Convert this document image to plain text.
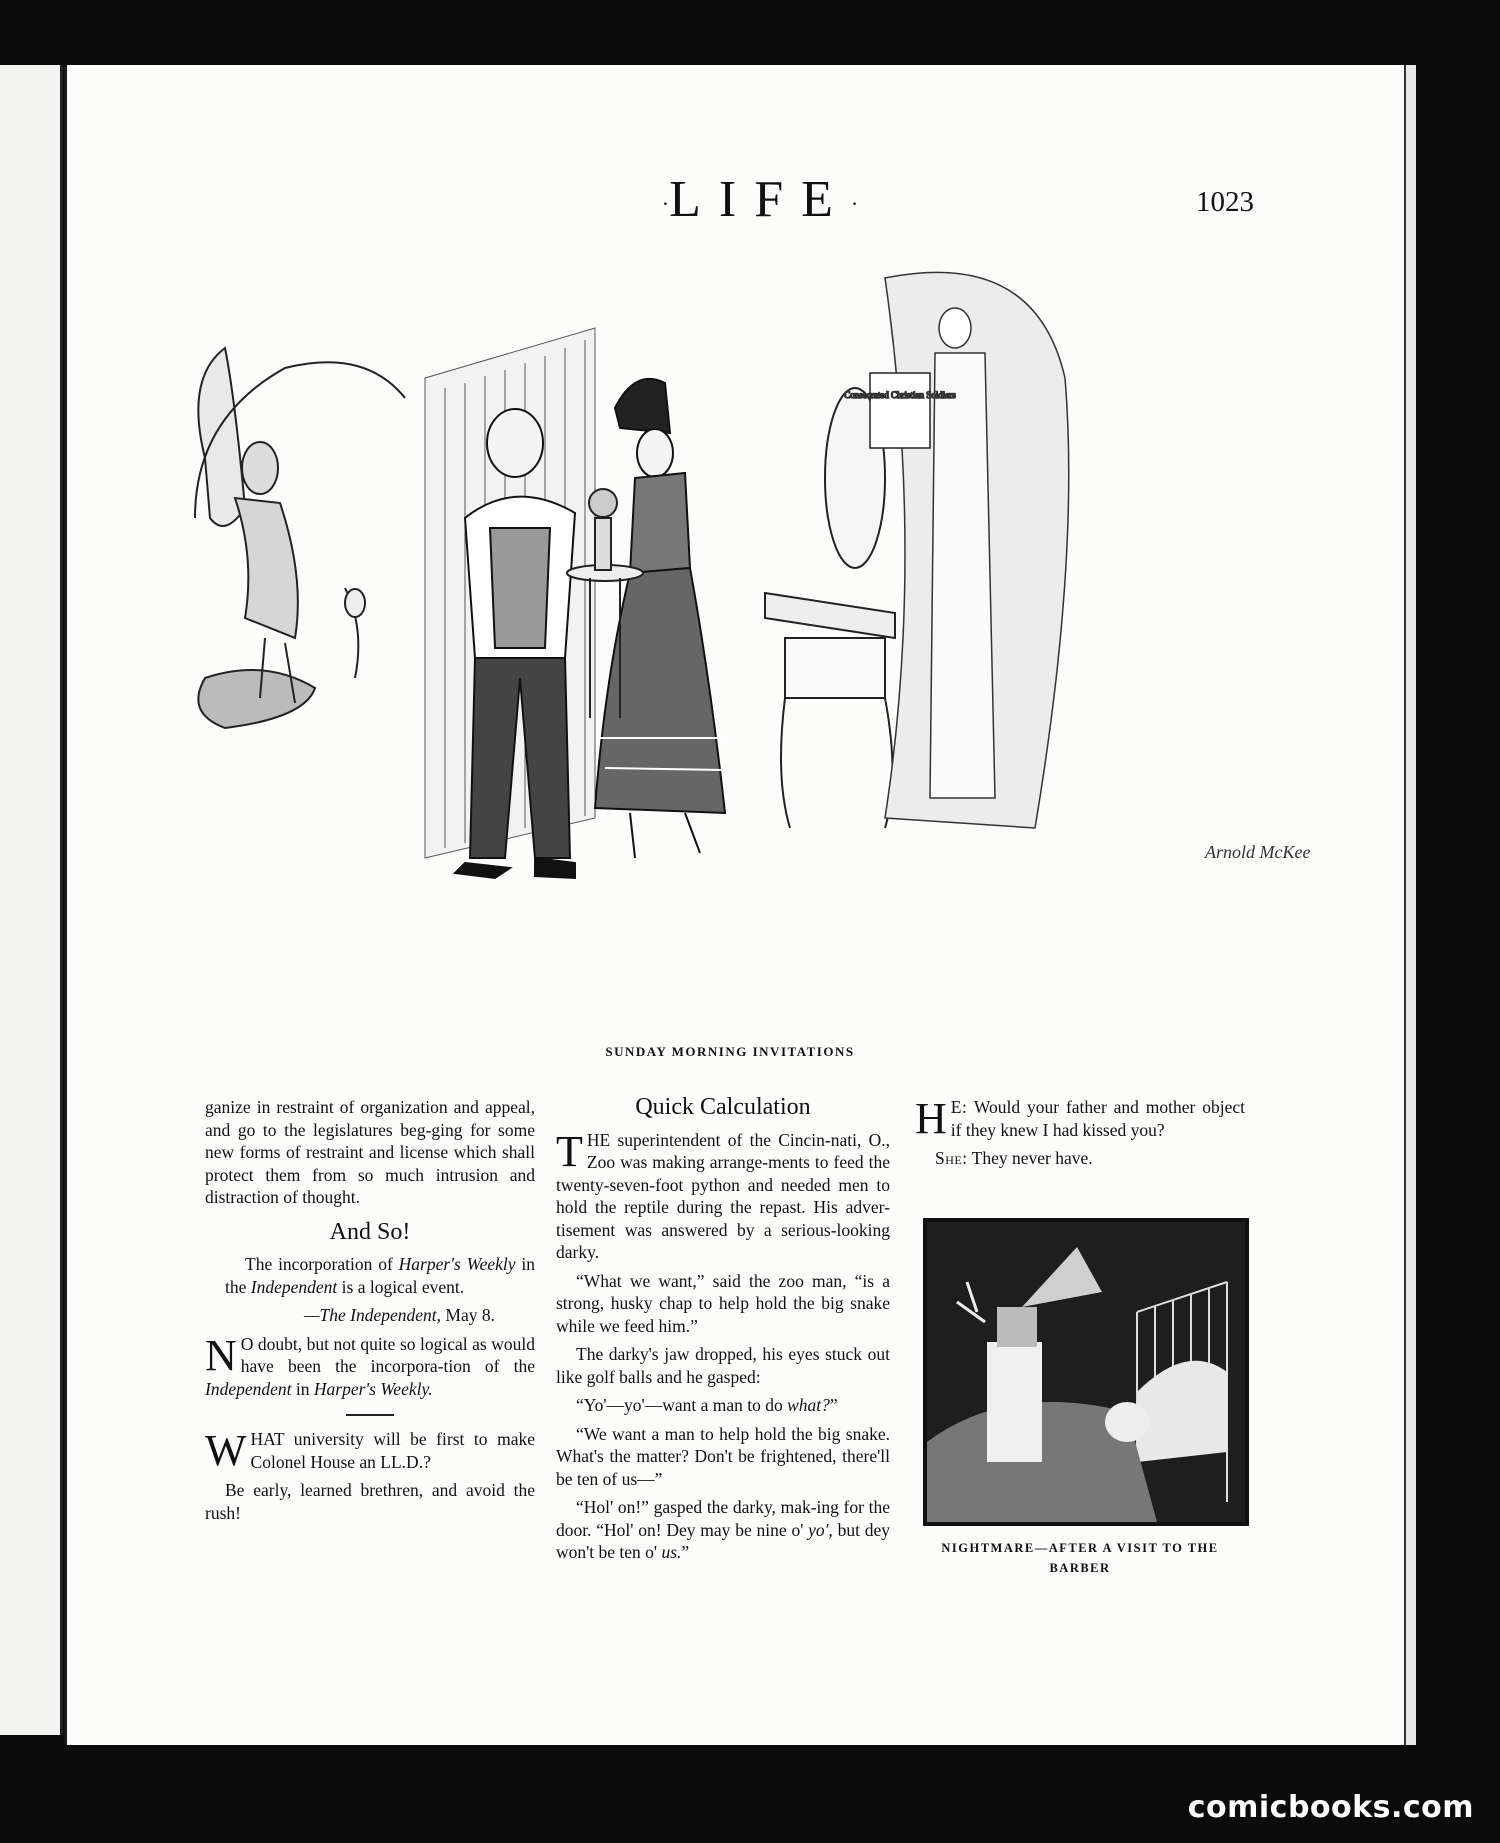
·LIFE·	1023
Consecrated Christian Soldiers
Arnold McKee
SUNDAY MORNING INVITATIONS

ganize in restraint of organization and appeal, and go to the legislatures beg-ging for some new forms of restraint and license which shall protect them from so much intrusion and distraction of thought.

And So!

The incorporation of Harper's Weekly in the Independent is a logical event.

—The Independent, May 8.

N O doubt, but not quite so logical as would have been the incorpora-tion of the Independent in Harper's Weekly.

WHAT university will be first to make Colonel House an LL.D.?

Be early, learned brethren, and avoid the rush!

Quick Calculation

THE superintendent of the Cincin-nati, O., Zoo was making arrange-ments to feed the twenty-seven-foot python and needed men to hold the reptile during the repast. His adver-tisement was answered by a serious-looking darky.

“What we want,” said the zoo man, “is a strong, husky chap to help hold the big snake while we feed him.”

The darky's jaw dropped, his eyes stuck out like golf balls and he gasped:

“Yo'—yo'—want a man to do what?”

“We want a man to help hold the big snake. What's the matter? Don't be frightened, there'll be ten of us—”

“Hol' on!” gasped the darky, mak-ing for the door. “Hol' on! Dey may be nine o' yo', but dey won't be ten o' us.”

H E: Would your father and mother object if they knew I had kissed you?

She: They never have.

NIGHTMARE—AFTER A VISIT TO THE BARBER
comicbooks.com
